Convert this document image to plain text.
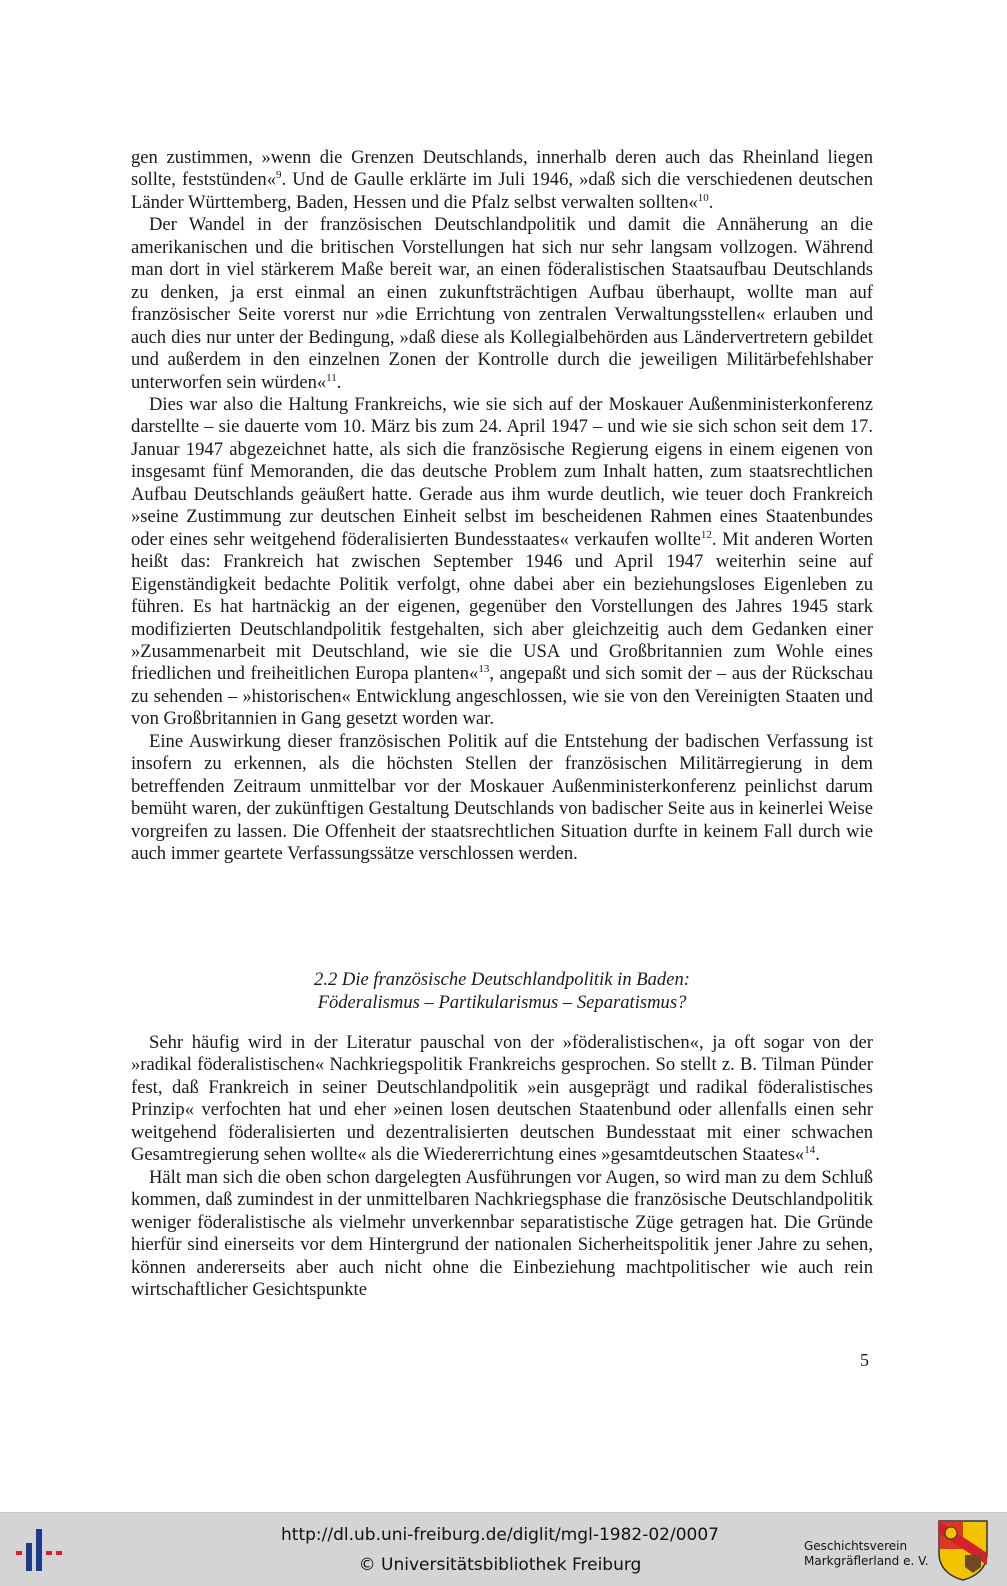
gen zustimmen, »wenn die Grenzen Deutschlands, innerhalb deren auch das Rheinland liegen sollte, feststünden«$^9$. Und de Gaulle erklärte im Juli 1946, »daß sich die verschiedenen deutschen Länder Württemberg, Baden, Hessen und die Pfalz selbst verwalten sollten«$^{10}$.

Der Wandel in der französischen Deutschlandpolitik und damit die Annäherung an die amerikanischen und die britischen Vorstellungen hat sich nur sehr langsam vollzogen. Während man dort in viel stärkerem Maße bereit war, an einen föderalistischen Staatsaufbau Deutschlands zu denken, ja erst einmal an einen zukunftsträchtigen Aufbau überhaupt, wollte man auf französischer Seite vorerst nur »die Errichtung von zentralen Verwaltungsstellen« erlauben und auch dies nur unter der Bedingung, »daß diese als Kollegialbehörden aus Ländervertretern gebildet und außerdem in den einzelnen Zonen der Kontrolle durch die jeweiligen Militärbefehlshaber unterworfen sein würden«$^{11}$.

Dies war also die Haltung Frankreichs, wie sie sich auf der Moskauer Außenministerkonferenz darstellte – sie dauerte vom 10. März bis zum 24. April 1947 – und wie sie sich schon seit dem 17. Januar 1947 abgezeichnet hatte, als sich die französische Regierung eigens in einem eigenen von insgesamt fünf Memoranden, die das deutsche Problem zum Inhalt hatten, zum staatsrechtlichen Aufbau Deutschlands geäußert hatte. Gerade aus ihm wurde deutlich, wie teuer doch Frankreich »seine Zustimmung zur deutschen Einheit selbst im bescheidenen Rahmen eines Staatenbundes oder eines sehr weitgehend föderalisierten Bundesstaates« verkaufen wollte$^{12}$. Mit anderen Worten heißt das: Frankreich hat zwischen September 1946 und April 1947 weiterhin seine auf Eigenständigkeit bedachte Politik verfolgt, ohne dabei aber ein beziehungsloses Eigenleben zu führen. Es hat hartnäckig an der eigenen, gegenüber den Vorstellungen des Jahres 1945 stark modifizierten Deutschlandpolitik festgehalten, sich aber gleichzeitig auch dem Gedanken einer »Zusammenarbeit mit Deutschland, wie sie die USA und Großbritannien zum Wohle eines friedlichen und freiheitlichen Europa planten«$^{13}$, angepaßt und sich somit der – aus der Rückschau zu sehenden – »historischen« Entwicklung angeschlossen, wie sie von den Vereinigten Staaten und von Großbritannien in Gang gesetzt worden war.

Eine Auswirkung dieser französischen Politik auf die Entstehung der badischen Verfassung ist insofern zu erkennen, als die höchsten Stellen der französischen Militärregierung in dem betreffenden Zeitraum unmittelbar vor der Moskauer Außenministerkonferenz peinlichst darum bemüht waren, der zukünftigen Gestaltung Deutschlands von badischer Seite aus in keinerlei Weise vorgreifen zu lassen. Die Offenheit der staatsrechtlichen Situation durfte in keinem Fall durch wie auch immer geartete Verfassungssätze verschlossen werden.

2.2 Die französische Deutschlandpolitik in Baden:
Föderalismus – Partikularismus – Separatismus?

Sehr häufig wird in der Literatur pauschal von der »föderalistischen«, ja oft sogar von der »radikal föderalistischen« Nachkriegspolitik Frankreichs gesprochen. So stellt z. B. Tilman Pünder fest, daß Frankreich in seiner Deutschlandpolitik »ein ausgeprägt und radikal föderalistisches Prinzip« verfochten hat und eher »einen losen deutschen Staatenbund oder allenfalls einen sehr weitgehend föderalisierten und dezentralisierten deutschen Bundesstaat mit einer schwachen Gesamtregierung sehen wollte« als die Wiedererrichtung eines »gesamtdeutschen Staates«$^{14}$.

Hält man sich die oben schon dargelegten Ausführungen vor Augen, so wird man zu dem Schluß kommen, daß zumindest in der unmittelbaren Nachkriegsphase die französische Deutschlandpolitik weniger föderalistische als vielmehr unverkennbar separatistische Züge getragen hat. Die Gründe hierfür sind einerseits vor dem Hintergrund der nationalen Sicherheitspolitik jener Jahre zu sehen, können andererseits aber auch nicht ohne die Einbeziehung machtpolitischer wie auch rein wirtschaftlicher Gesichtspunkte

5
http://dl.ub.uni-freiburg.de/diglit/mgl-1982-02/0007
© Universitätsbibliothek Freiburg
Geschichtsverein
Markgräflerland e. V.
